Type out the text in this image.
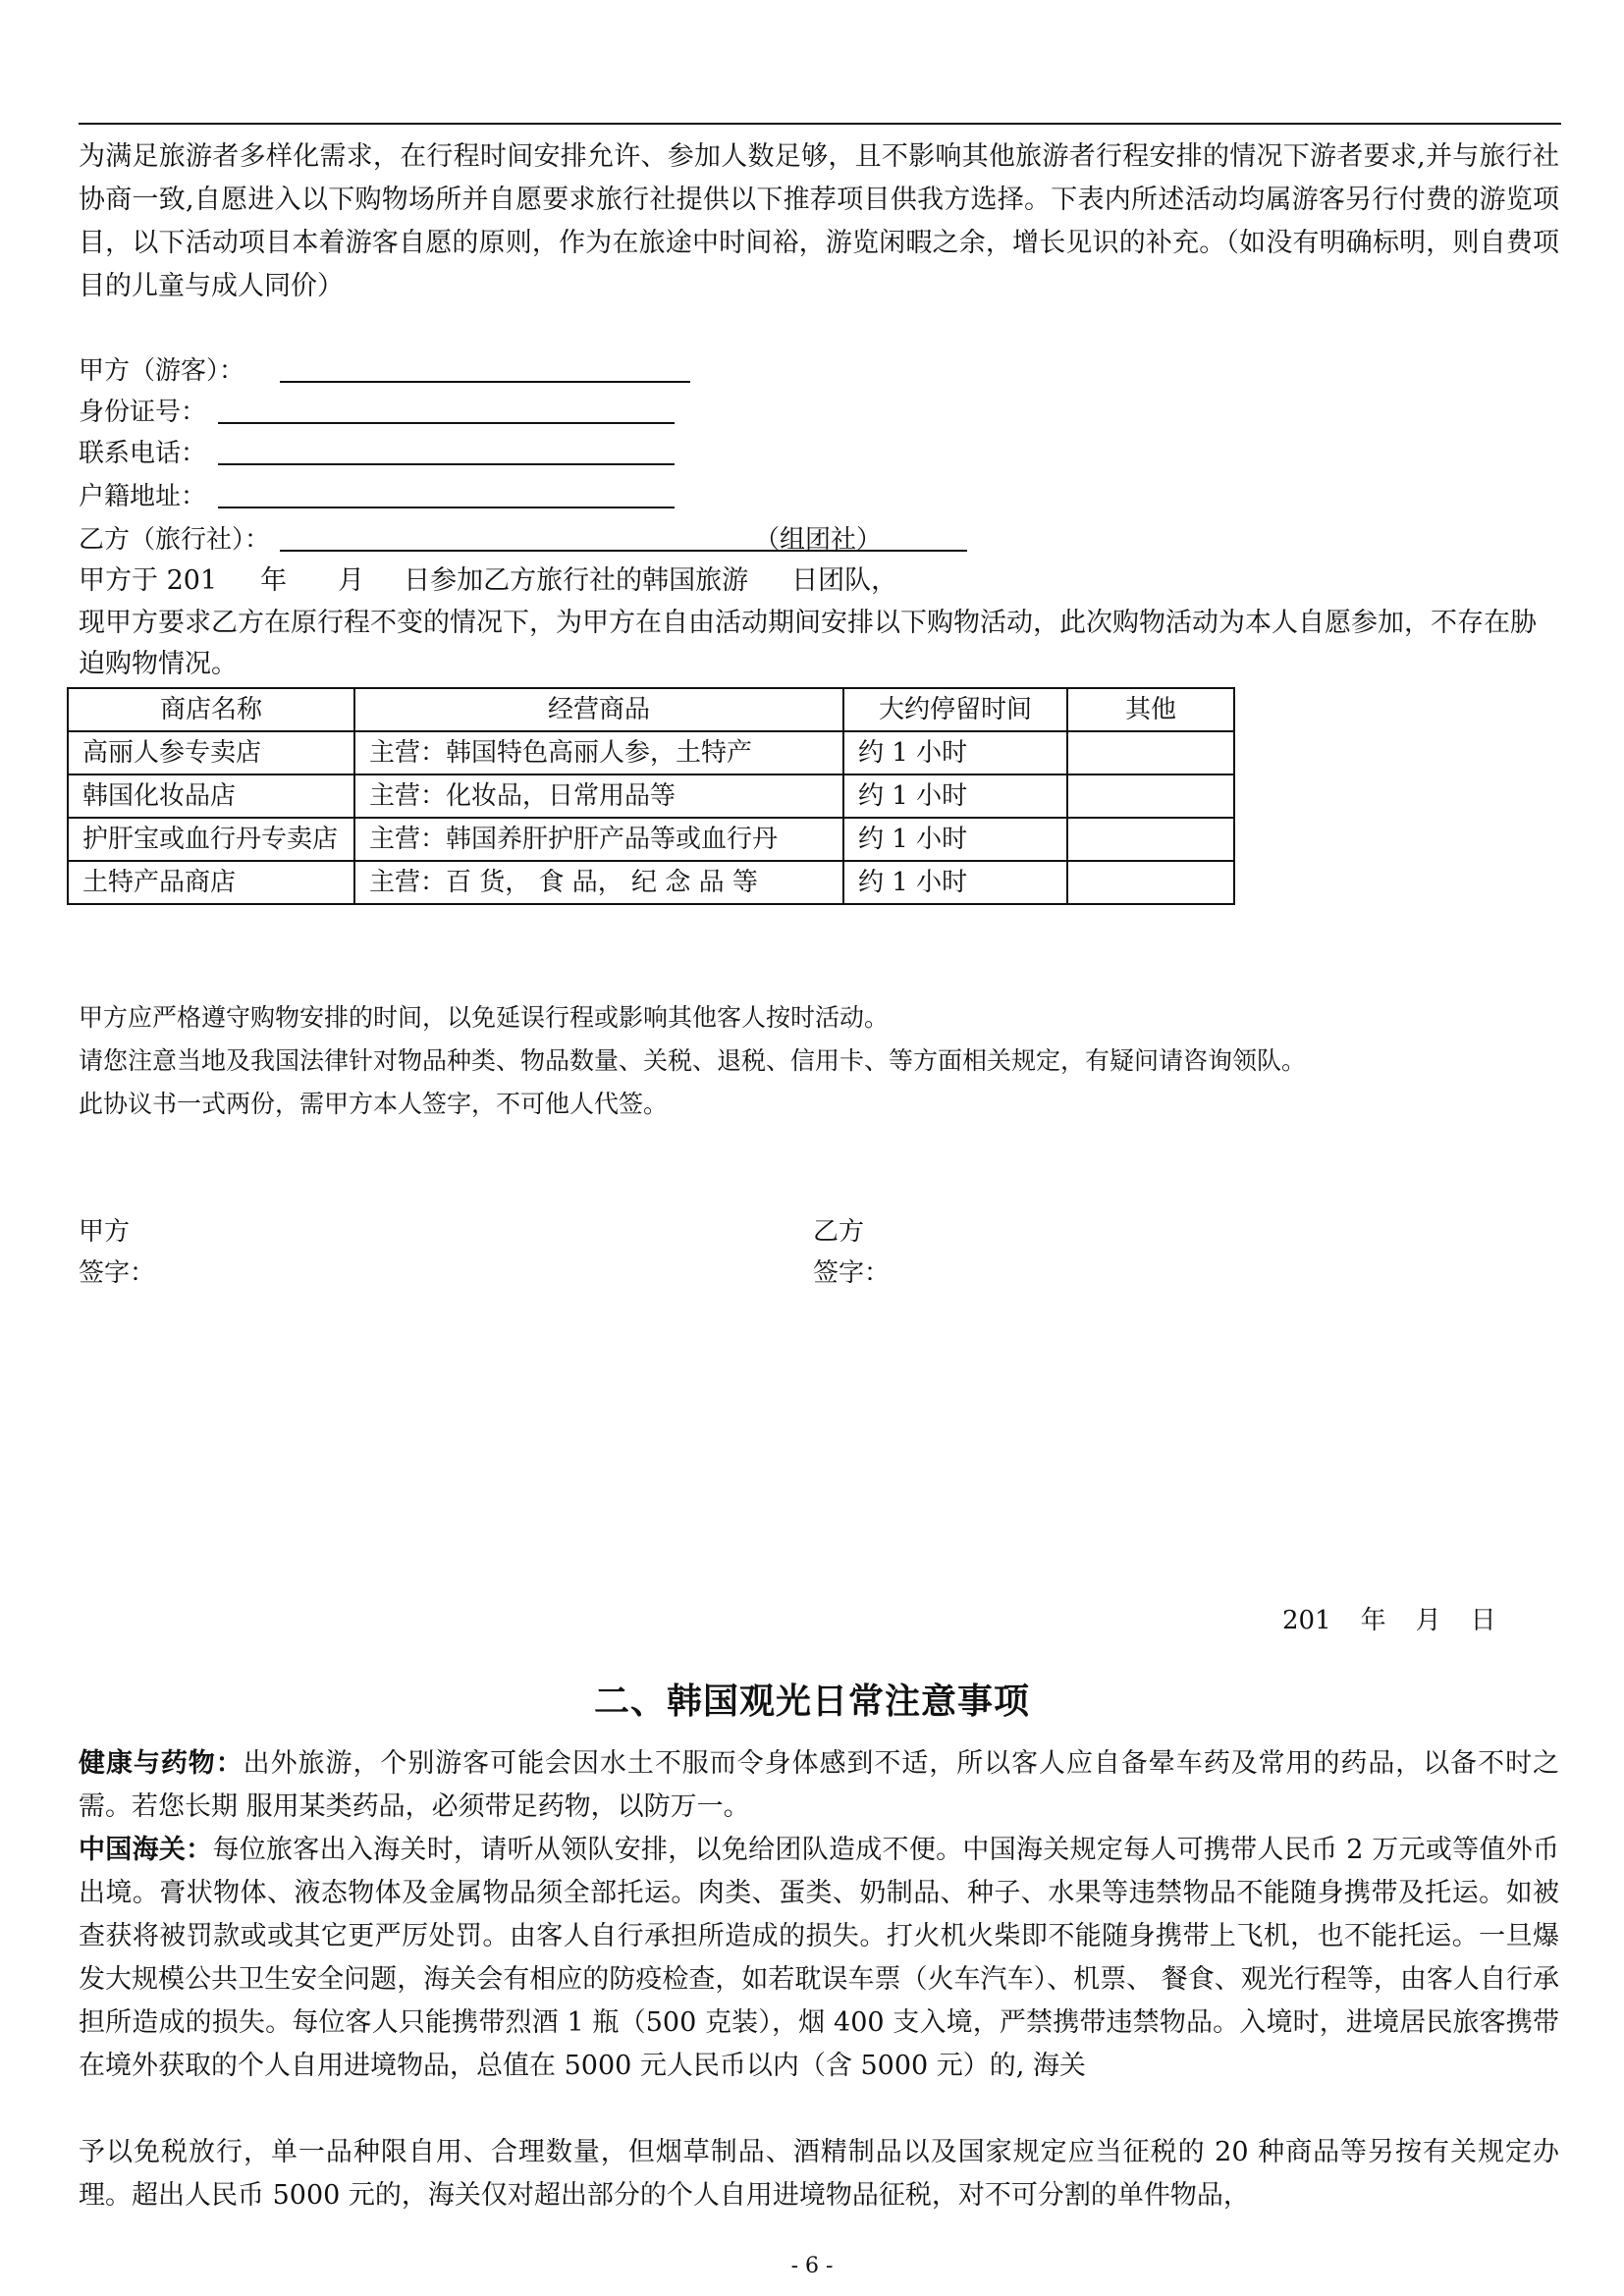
为满足旅游者多样化需求，在行程时间安排允许、参加人数足够，且不影响其他旅游者行程安排的情况下游者要求,并与旅行社协商一致,自愿进入以下购物场所并自愿要求旅行社提供以下推荐项目供我方选择。下表内所述活动均属游客另行付费的游览项目，以下活动项目本着游客自愿的原则，作为在旅途中时间裕，游览闲暇之余，增长见识的补充。（如没有明确标明，则自费项目的儿童与成人同价）

甲方（游客）：
身份证号：
联系电话：
户籍地址：
乙方（旅行社）：	（组团社）
甲方于 201 年 月 日参加乙方旅行社的韩国旅游 日团队，

现甲方要求乙方在原行程不变的情况下，为甲方在自由活动期间安排以下购物活动，此次购物活动为本人自愿参加，不存在胁迫购物情况。

商店名称	经营商品	大约停留时间	其他
高丽人参专卖店	主营：韩国特色高丽人参，土特产	约 1 小时	
韩国化妆品店	主营：化妆品，日常用品等	约 1 小时	
护肝宝或血行丹专卖店	主营：韩国养肝护肝产品等或血行丹	约 1 小时	
土特产品商店	主营：百 货， 食 品， 纪 念 品 等	约 1 小时	
甲方应严格遵守购物安排的时间，以免延误行程或影响其他客人按时活动。
请您注意当地及我国法律针对物品种类、物品数量、关税、退税、信用卡、等方面相关规定，有疑问请咨询领队。
此协议书一式两份，需甲方本人签字，不可他人代签。
甲方
签字：
乙方
签字：
201 年 月 日
二、韩国观光日常注意事项

健康与药物：出外旅游，个别游客可能会因水土不服而令身体感到不适，所以客人应自备晕车药及常用的药品，以备不时之需。若您长期 服用某类药品，必须带足药物，以防万一。

中国海关：每位旅客出入海关时，请听从领队安排，以免给团队造成不便。中国海关规定每人可携带人民币 2 万元或等值外币出境。膏状物体、液态物体及金属物品须全部托运。肉类、蛋类、奶制品、种子、水果等违禁物品不能随身携带及托运。如被查获将被罚款或或其它更严厉处罚。由客人自行承担所造成的损失。打火机火柴即不能随身携带上飞机，也不能托运。一旦爆发大规模公共卫生安全问题，海关会有相应的防疫检查，如若耽误车票（火车汽车）、机票、 餐食、观光行程等，由客人自行承担所造成的损失。每位客人只能携带烈酒 1 瓶（500 克装），烟 400 支入境，严禁携带违禁物品。入境时，进境居民旅客携带在境外获取的个人自用进境物品，总值在 5000 元人民币以内（含 5000 元）的, 海关

予以免税放行，单一品种限自用、合理数量，但烟草制品、酒精制品以及国家规定应当征税的 20 种商品等另按有关规定办理。超出人民币 5000 元的，海关仅对超出部分的个人自用进境物品征税，对不可分割的单件物品，

- 6 -
